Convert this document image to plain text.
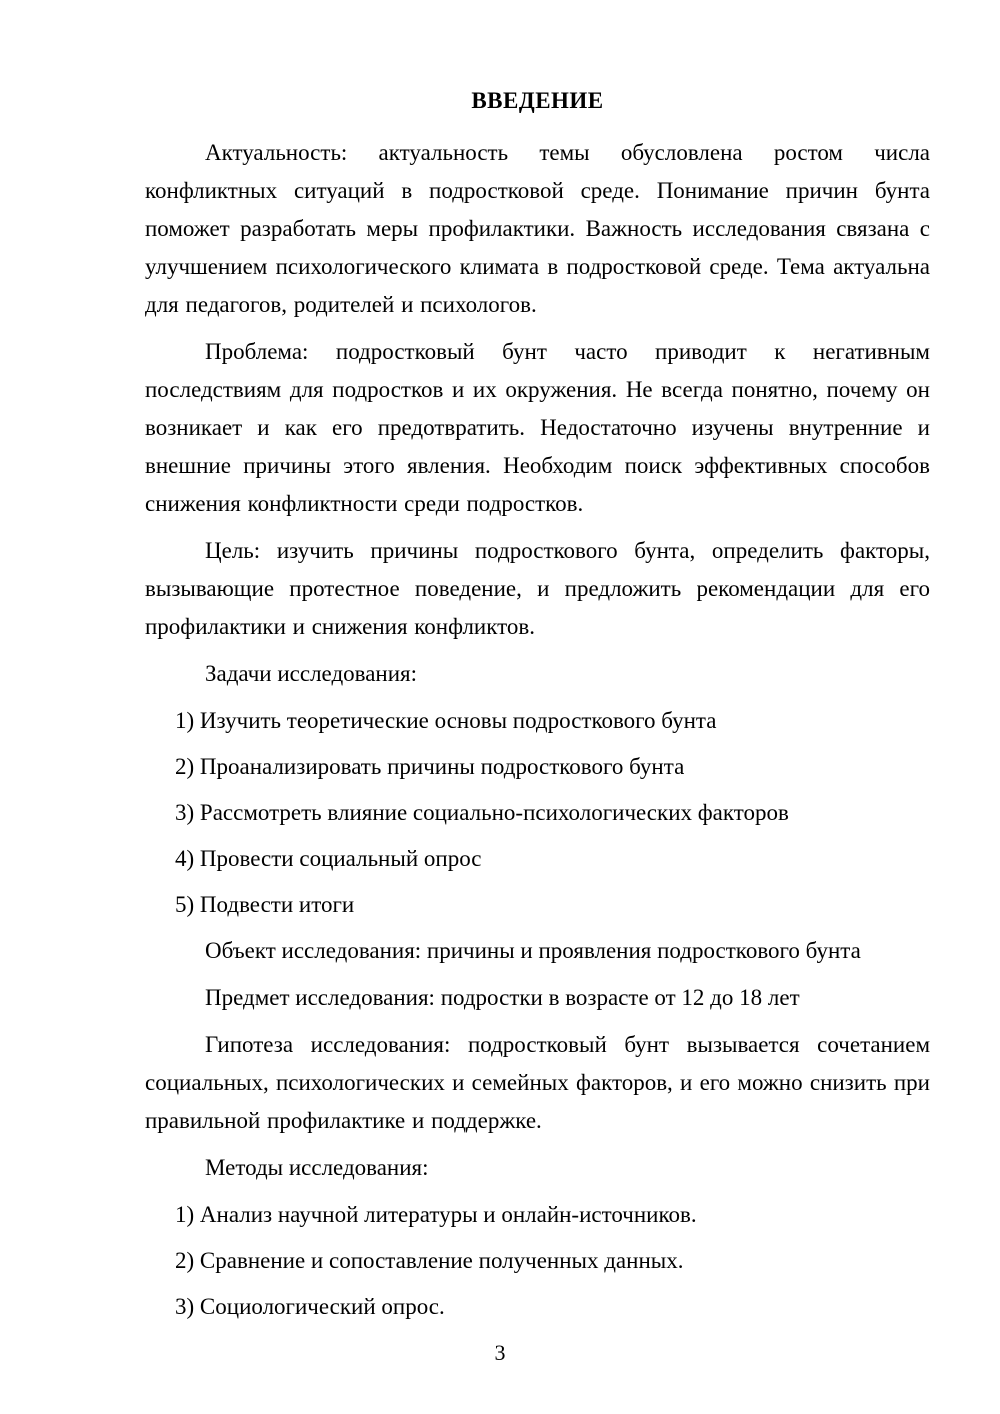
ВВЕДЕНИЕ

Актуальность: актуальность темы обусловлена ростом числа конфликтных ситуаций в подростковой среде. Понимание причин бунта поможет разработать меры профилактики. Важность исследования связана с улучшением психологического климата в подростковой среде. Тема актуальна для педагогов, родителей и психологов.

Проблема: подростковый бунт часто приводит к негативным последствиям для подростков и их окружения. Не всегда понятно, почему он возникает и как его предотвратить. Недостаточно изучены внутренние и внешние причины этого явления. Необходим поиск эффективных способов снижения конфликтности среди подростков.

Цель: изучить причины подросткового бунта, определить факторы, вызывающие протестное поведение, и предложить рекомендации для его профилактики и снижения конфликтов.

Задачи исследования:

1) Изучить теоретические основы подросткового бунта

2) Проанализировать причины подросткового бунта

3) Рассмотреть влияние социально-психологических факторов

4) Провести социальный опрос

5) Подвести итоги

Объект исследования: причины и проявления подросткового бунта

Предмет исследования: подростки в возрасте от 12 до 18 лет

Гипотеза исследования: подростковый бунт вызывается сочетанием социальных, психологических и семейных факторов, и его можно снизить при правильной профилактике и поддержке.

Методы исследования:

1) Анализ научной литературы и онлайн-источников.

2) Сравнение и сопоставление полученных данных.

3) Социологический опрос.

3
